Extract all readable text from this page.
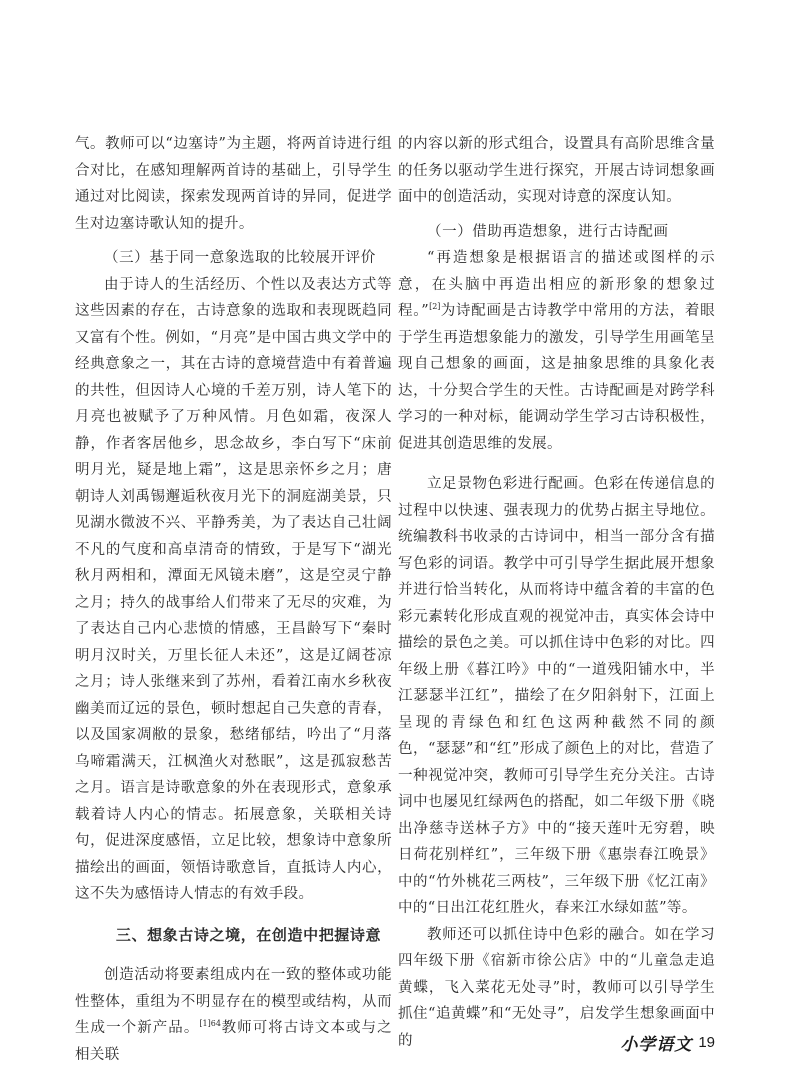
气。教师可以“边塞诗”为主题，将两首诗进行组合对比，在感知理解两首诗的基础上，引导学生通过对比阅读，探索发现两首诗的异同，促进学生对边塞诗歌认知的提升。

（三）基于同一意象选取的比较展开评价

由于诗人的生活经历、个性以及表达方式等这些因素的存在，古诗意象的选取和表现既趋同又富有个性。例如，“月亮”是中国古典文学中的经典意象之一，其在古诗的意境营造中有着普遍的共性，但因诗人心境的千差万别，诗人笔下的月亮也被赋予了万种风情。月色如霜，夜深人静，作者客居他乡，思念故乡，李白写下“床前明月光，疑是地上霜”，这是思亲怀乡之月；唐朝诗人刘禹锡邂逅秋夜月光下的洞庭湖美景，只见湖水微波不兴、平静秀美，为了表达自己壮阔不凡的气度和高卓清奇的情致，于是写下“湖光秋月两相和，潭面无风镜未磨”，这是空灵宁静之月；持久的战事给人们带来了无尽的灾难，为了表达自己内心悲愤的情感，王昌龄写下“秦时明月汉时关，万里长征人未还”，这是辽阔苍凉之月；诗人张继来到了苏州，看着江南水乡秋夜幽美而辽远的景色，顿时想起自己失意的青春，以及国家凋敝的景象，愁绪郁结，吟出了“月落乌啼霜满天，江枫渔火对愁眠”，这是孤寂愁苦之月。语言是诗歌意象的外在表现形式，意象承载着诗人内心的情志。拓展意象，关联相关诗句，促进深度感悟，立足比较，想象诗中意象所描绘出的画面，领悟诗歌意旨，直抵诗人内心，这不失为感悟诗人情志的有效手段。

三、想象古诗之境，在创造中把握诗意

创造活动将要素组成内在一致的整体或功能性整体，重组为不明显存在的模型或结构，从而生成一个新产品。$^{[1]64}$教师可将古诗文本或与之相关联

的内容以新的形式组合，设置具有高阶思维含量的任务以驱动学生进行探究，开展古诗词想象画面中的创造活动，实现对诗意的深度认知。

（一）借助再造想象，进行古诗配画

“再造想象是根据语言的描述或图样的示意，在头脑中再造出相应的新形象的想象过程。”[2]为诗配画是古诗教学中常用的方法，着眼于学生再造想象能力的激发，引导学生用画笔呈现自己想象的画面，这是抽象思维的具象化表达，十分契合学生的天性。古诗配画是对跨学科学习的一种对标，能调动学生学习古诗积极性，促进其创造思维的发展。

立足景物色彩进行配画。色彩在传递信息的过程中以快速、强表现力的优势占据主导地位。统编教科书收录的古诗词中，相当一部分含有描写色彩的词语。教学中可引导学生据此展开想象并进行恰当转化，从而将诗中蕴含着的丰富的色彩元素转化形成直观的视觉冲击，真实体会诗中描绘的景色之美。可以抓住诗中色彩的对比。四年级上册《暮江吟》中的“一道残阳铺水中，半江瑟瑟半江红”，描绘了在夕阳斜射下，江面上呈现的青绿色和红色这两种截然不同的颜色，“瑟瑟”和“红”形成了颜色上的对比，营造了一种视觉冲突，教师可引导学生充分关注。古诗词中也屡见红绿两色的搭配，如二年级下册《晓出净慈寺送林子方》中的“接天莲叶无穷碧，映日荷花别样红”，三年级下册《惠崇春江晚景》中的“竹外桃花三两枝”，三年级下册《忆江南》中的“日出江花红胜火，春来江水绿如蓝”等。

教师还可以抓住诗中色彩的融合。如在学习四年级下册《宿新市徐公店》中的“儿童急走追黄蝶，飞入菜花无处寻”时，教师可以引导学生抓住“追黄蝶”和“无处寻”，启发学生想象画面中的	小学语文 19
